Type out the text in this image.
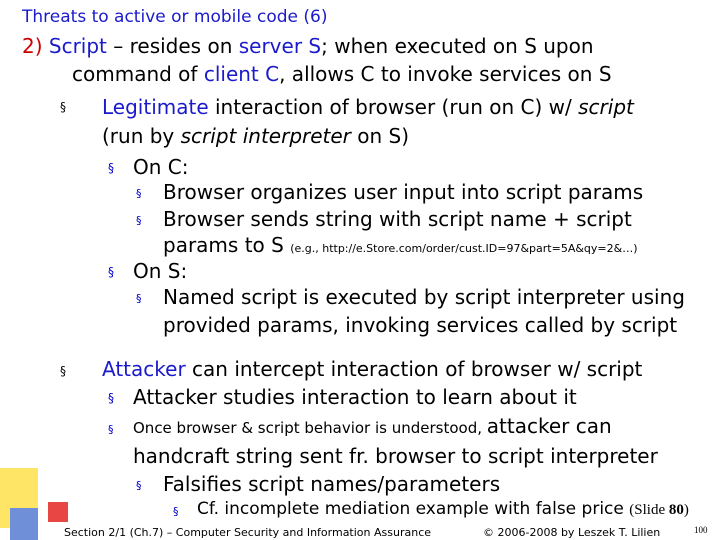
Threats to active or mobile code (6)
2) Script – resides on server S; when executed on S upon
command of client C, allows C to invoke services on S
§ Legitimate interaction of browser (run on C) w/ script
(run by script interpreter on S)
§ On C:
§ Browser organizes user input into script params
§ Browser sends string with script name + script
params to S (e.g., http://e.Store.com/order/cust.ID=97&part=5A&qy=2&…)
§ On S:
§ Named script is executed by script interpreter using
provided params, invoking services called by script
§ Attacker can intercept interaction of browser w/ script
§ Attacker studies interaction to learn about it
§ Once browser & script behavior is understood, attacker can
handcraft string sent fr. browser to script interpreter
§ Falsifies script names/parameters
§ Cf. incomplete mediation example with false price (Slide 80)
Section 2/1 (Ch.7) – Computer Security and Information Assurance	© 2006-2008 by Leszek T. Lilien	100
